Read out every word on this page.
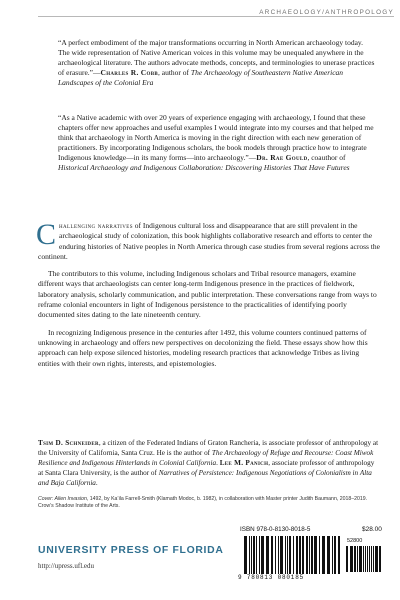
ARCHAEOLOGY/ANTHROPOLOGY

“A perfect embodiment of the major transformations occurring in North American archaeology today. The wide representation of Native American voices in this volume may be unequaled anywhere in the archaeological literature. The authors advocate methods, concepts, and terminologies to unerase practices of erasure.”—Charles R. Cobb, author of The Archaeology of Southeastern Native American Landscapes of the Colonial Era

“As a Native academic with over 20 years of experience engaging with archaeology, I found that these chapters offer new approaches and useful examples I would integrate into my courses and that helped me think that archaeology in North America is moving in the right direction with each new generation of practitioners. By incorporating Indigenous scholars, the book models through practice how to integrate Indigenous knowledge—in its many forms—into archaeology.”—Dr. Rae Gould, coauthor of Historical Archaeology and Indigenous Collaboration: Discovering Histories That Have Futures

Challenging narratives of Indigenous cultural loss and disappearance that are still prevalent in the archaeological study of colonization, this book highlights collaborative research and efforts to center the enduring histories of Native peoples in North America through case studies from several regions across the continent.

The contributors to this volume, including Indigenous scholars and Tribal resource managers, examine different ways that archaeologists can center long-term Indigenous presence in the practices of fieldwork, laboratory analysis, scholarly communication, and public interpretation. These conversations range from ways to reframe colonial encounters in light of Indigenous persistence to the practicalities of identifying poorly documented sites dating to the late nineteenth century.

In recognizing Indigenous presence in the centuries after 1492, this volume counters continued patterns of unknowing in archaeology and offers new perspectives on decolonizing the field. These essays show how this approach can help expose silenced histories, modeling research practices that acknowledge Tribes as living entities with their own rights, interests, and epistemologies.

Tsim D. Schneider, a citizen of the Federated Indians of Graton Rancheria, is associate professor of anthropology at the University of California, Santa Cruz. He is the author of The Archaeology of Refuge and Recourse: Coast Miwok Resilience and Indigenous Hinterlands in Colonial California. Lee M. Panich, associate professor of anthropology at Santa Clara University, is the author of Narratives of Persistence: Indigenous Negotiations of Colonialism in Alta and Baja California.

Cover: Alien Invasion, 1492, by Ka’ila Farrell-Smith (Klamath Modoc, b. 1982), in collaboration with Master printer Judith Baumann, 2018–2019. Crow’s Shadow Institute of the Arts.

UNIVERSITY PRESS OF FLORIDA
http://upress.ufl.edu
ISBN 978-0-8130-8018-5	$28.00
52800
9 780813 080185
